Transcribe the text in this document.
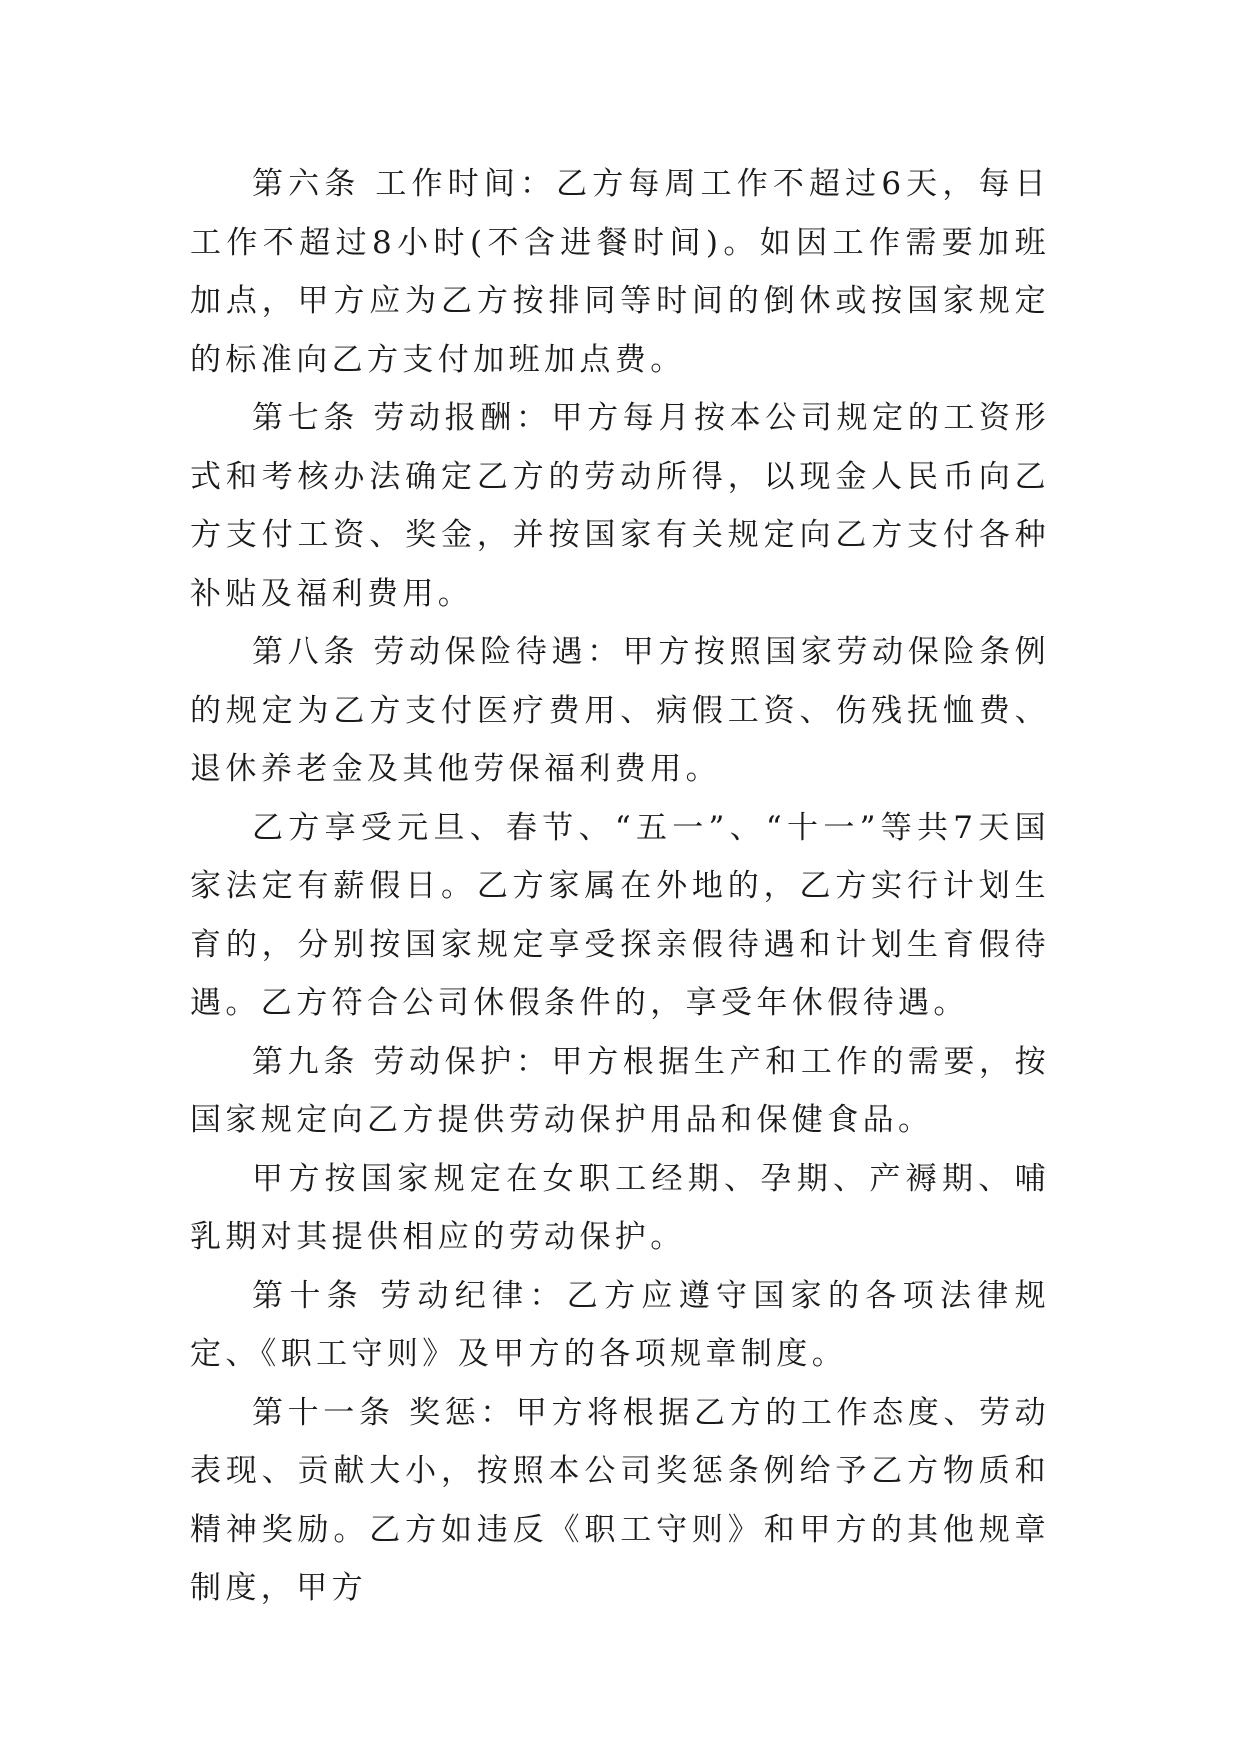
第六条 工作时间：乙方每周工作不超过6天，每日工作不超过8小时(不含进餐时间)。如因工作需要加班加点，甲方应为乙方按排同等时间的倒休或按国家规定的标准向乙方支付加班加点费。

第七条 劳动报酬：甲方每月按本公司规定的工资形式和考核办法确定乙方的劳动所得，以现金人民币向乙方支付工资、奖金，并按国家有关规定向乙方支付各种补贴及福利费用。

第八条 劳动保险待遇：甲方按照国家劳动保险条例的规定为乙方支付医疗费用、病假工资、伤残抚恤费、退休养老金及其他劳保福利费用。

乙方享受元旦、春节、“五一”、“十一”等共7天国家法定有薪假日。乙方家属在外地的，乙方实行计划生育的，分别按国家规定享受探亲假待遇和计划生育假待遇。乙方符合公司休假条件的，享受年休假待遇。

第九条 劳动保护：甲方根据生产和工作的需要，按国家规定向乙方提供劳动保护用品和保健食品。

甲方按国家规定在女职工经期、孕期、产褥期、哺乳期对其提供相应的劳动保护。

第十条 劳动纪律：乙方应遵守国家的各项法律规定、《职工守则》及甲方的各项规章制度。

第十一条 奖惩：甲方将根据乙方的工作态度、劳动表现、贡献大小，按照本公司奖惩条例给予乙方物质和精神奖励。乙方如违反《职工守则》和甲方的其他规章制度，甲方
